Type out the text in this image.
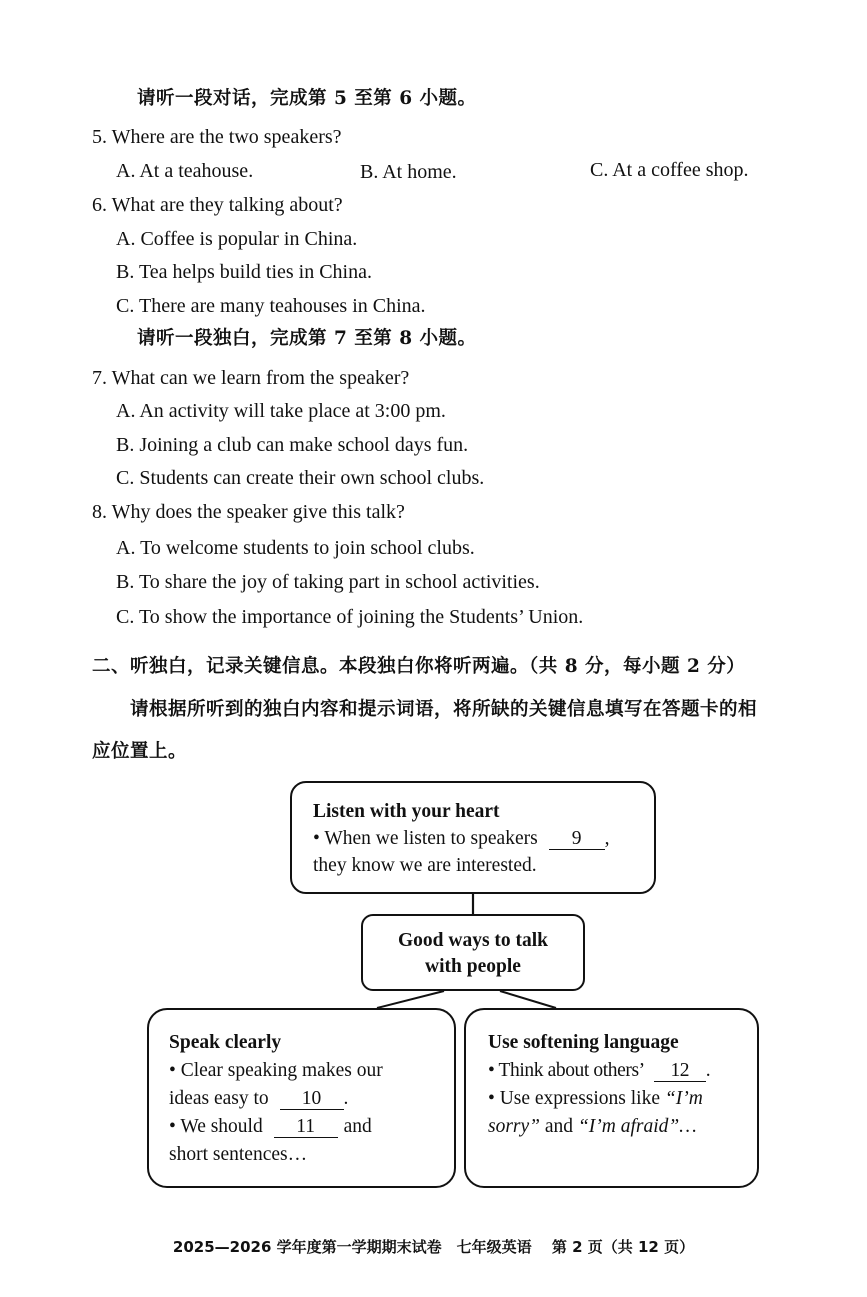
请听一段对话，完成第 5 至第 6 小题。
5. Where are the two speakers?
A. At a teahouse.	B. At home.	C. At a coffee shop.
6. What are they talking about?
A. Coffee is popular in China.
B. Tea helps build ties in China.
C. There are many teahouses in China.
请听一段独白，完成第 7 至第 8 小题。
7. What can we learn from the speaker?
A. An activity will take place at 3:00 pm.
B. Joining a club can make school days fun.
C. Students can create their own school clubs.
8. Why does the speaker give this talk?
A. To welcome students to join school clubs.
B. To share the joy of taking part in school activities.
C. To show the importance of joining the Students’ Union.
二、听独白，记录关键信息。本段独白你将听两遍。（共 8 分，每小题 2 分）
请根据所听到的独白内容和提示词语，将所缺的关键信息填写在答题卡的相
应位置上。
Listen with your heart
• When we listen to speakers 9 ,
they know we are interested.
Good ways to talk
with people
Speak clearly
• Clear speaking makes our
ideas easy to 10 .
• We should 11 and
short sentences…
Use softening language
• Think about others’ 12 .
• Use expressions like “I’m
sorry” and “I’m afraid”…
2025—2026 学年度第一学期期末试卷　七年级英语　 第 2 页（共 12 页）
